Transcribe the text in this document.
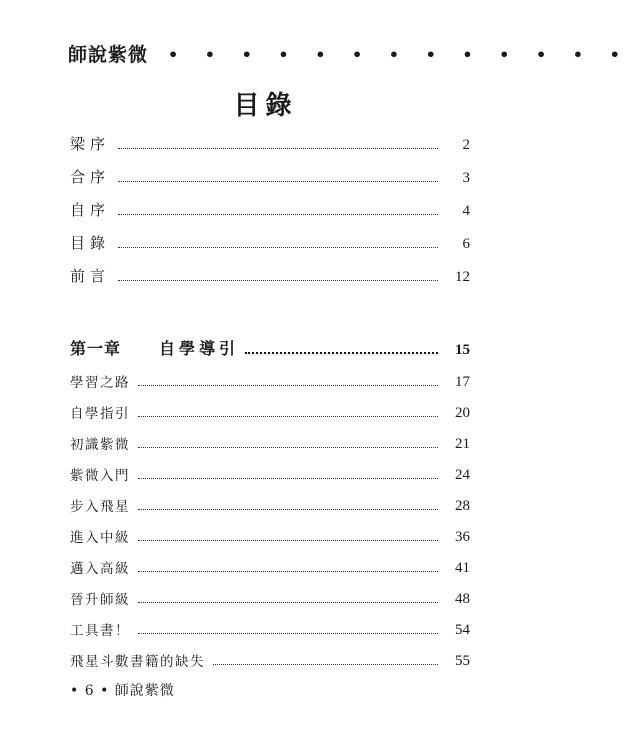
師說紫微 • • • • • • • • • • • • •
目錄
梁序	2
合序	3
自序	4
目錄	6
前言	12
第一章 自學導引	15
學習之路	17
自學指引	20
初識紫微	21
紫微入門	24
步入飛星	28
進入中級	36
邁入高級	41
晉升師級	48
工具書！	54
飛星斗數書籍的缺失	55
• 6 • 師說紫微
